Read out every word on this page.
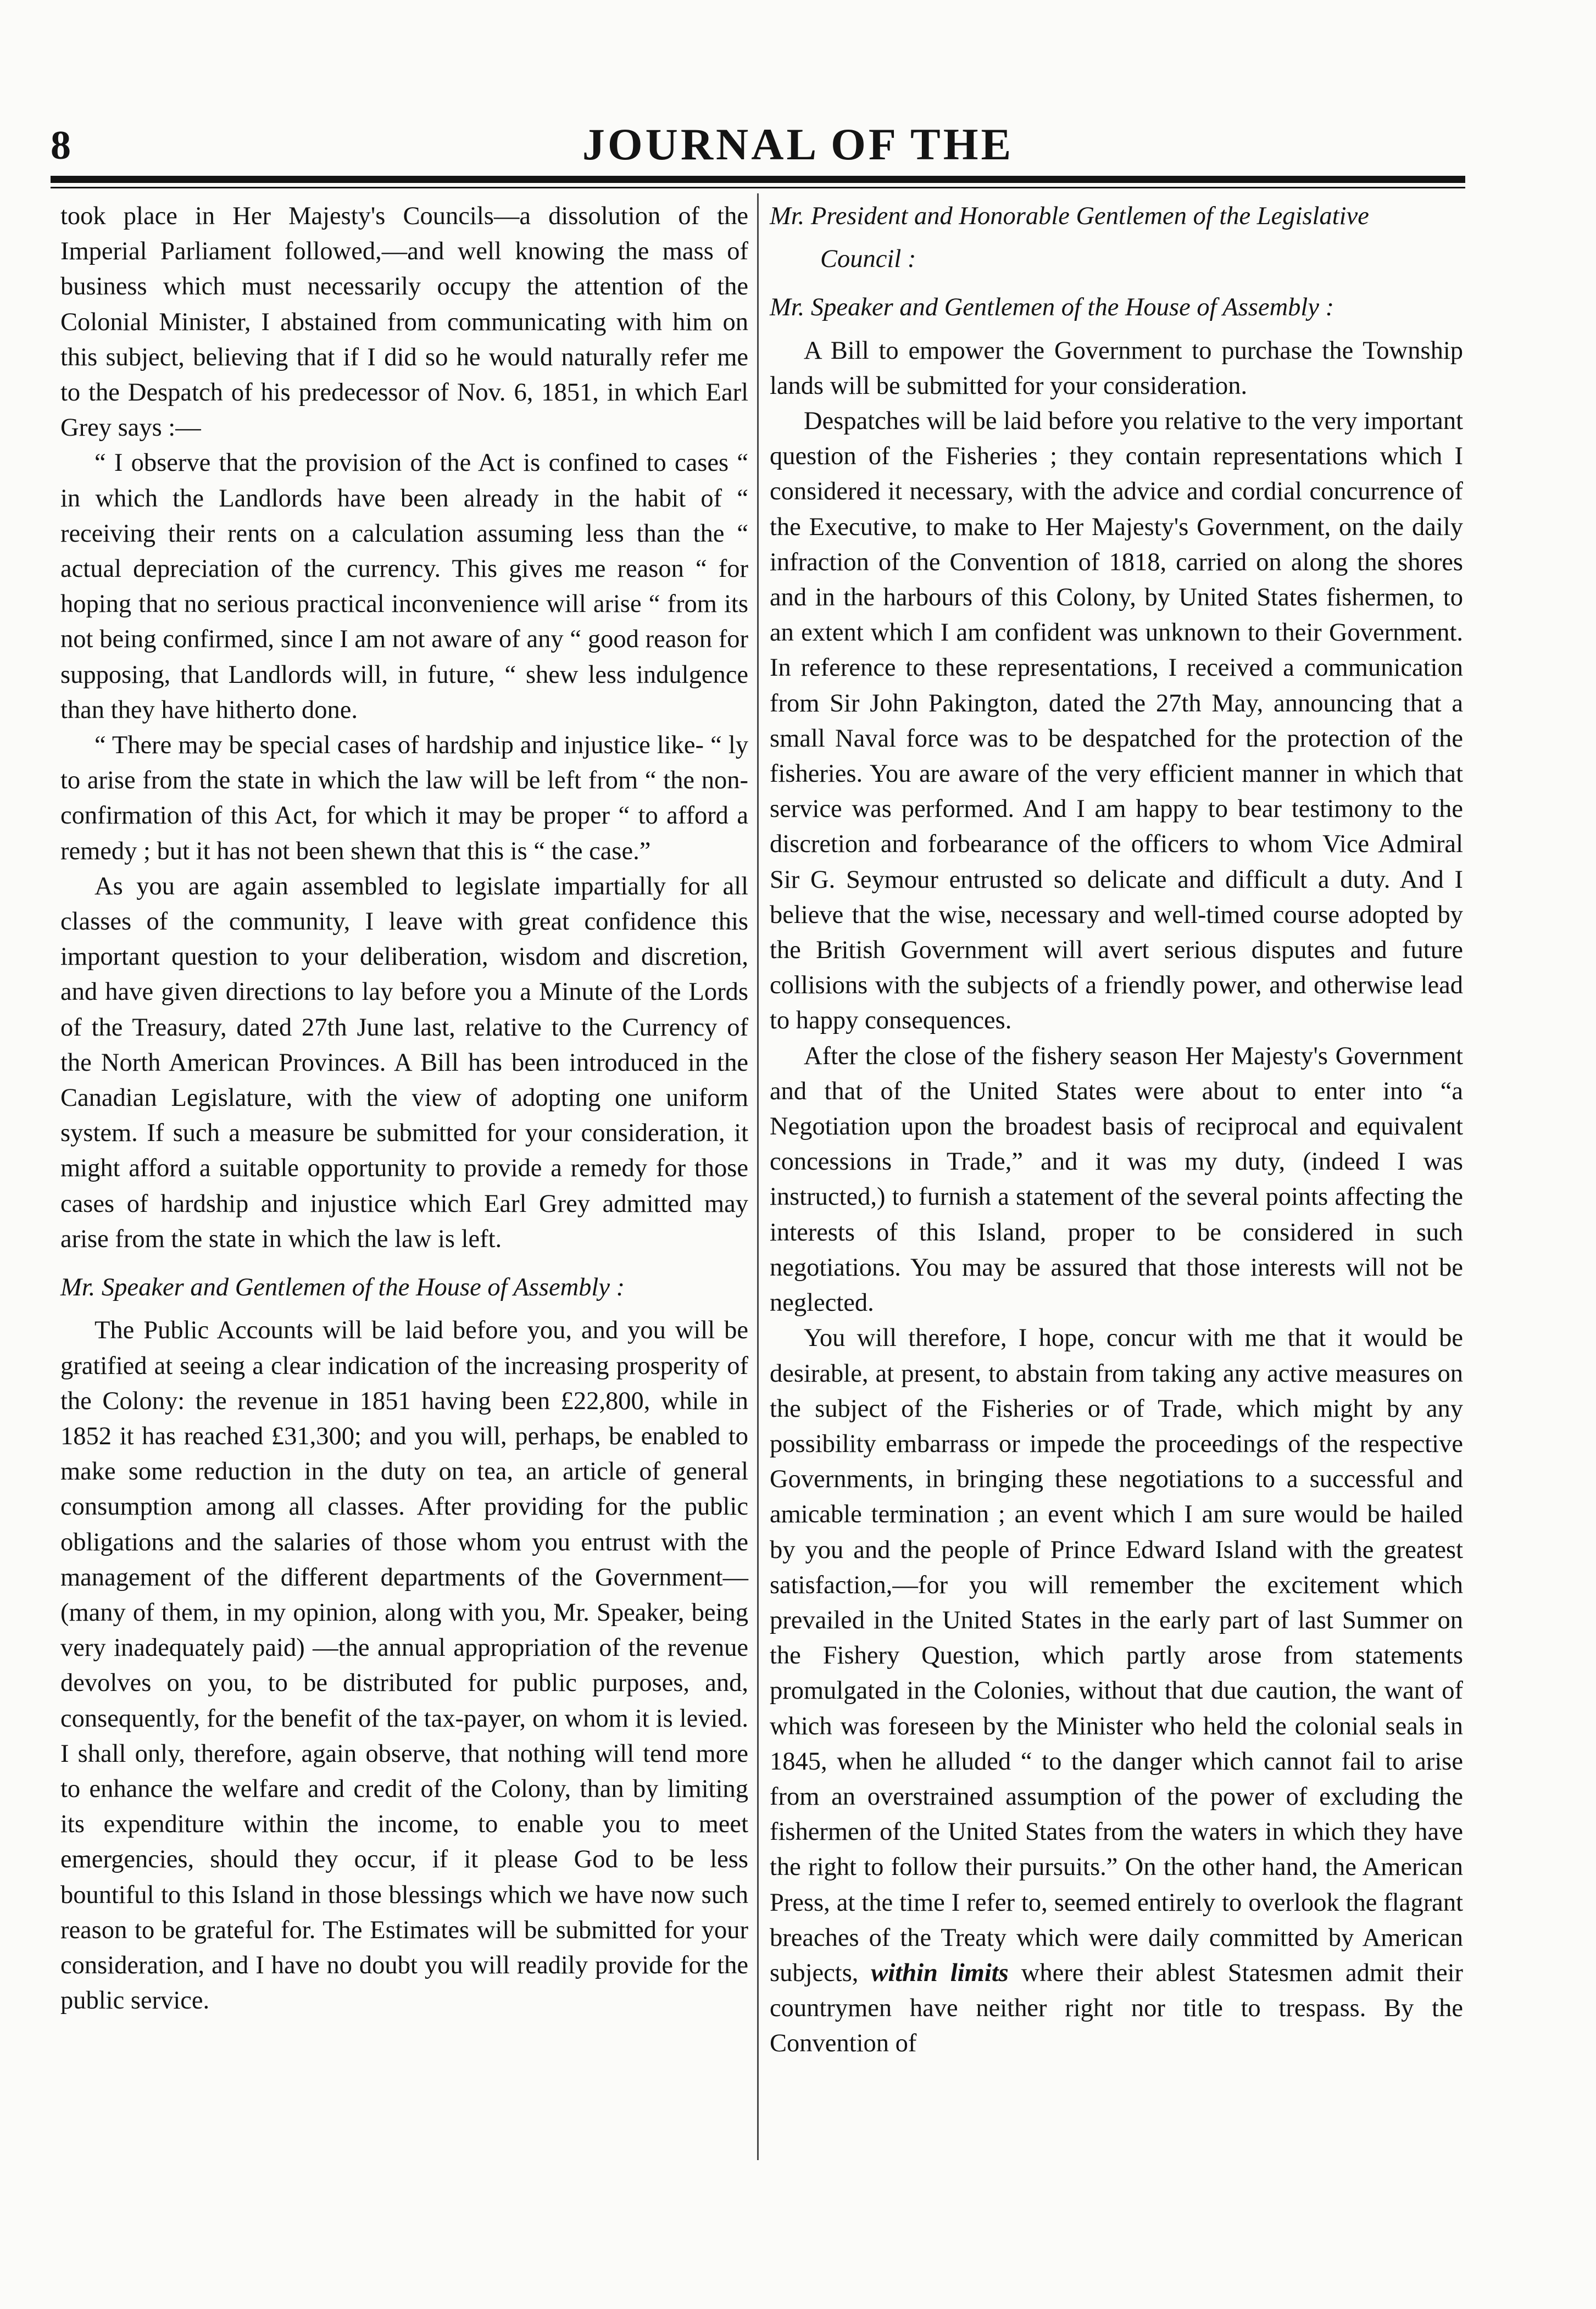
8	JOURNAL OF THE

took place in Her Majesty's Councils—a dissolution of the Imperial Parliament followed,—and well knowing the mass of business which must necessarily occupy the attention of the Colonial Minister, I abstained from communicating with him on this subject, believing that if I did so he would naturally refer me to the Despatch of his predecessor of Nov. 6, 1851, in which Earl Grey says :—

“ I observe that the provision of the Act is confined to cases “ in which the Landlords have been already in the habit of “ receiving their rents on a calculation assuming less than the “ actual depreciation of the currency. This gives me reason “ for hoping that no serious practical inconvenience will arise “ from its not being confirmed, since I am not aware of any “ good reason for supposing, that Landlords will, in future, “ shew less indulgence than they have hitherto done.

“ There may be special cases of hardship and injustice like- “ ly to arise from the state in which the law will be left from “ the non-confirmation of this Act, for which it may be proper “ to afford a remedy ; but it has not been shewn that this is “ the case.”

As you are again assembled to legislate impartially for all classes of the community, I leave with great confidence this important question to your deliberation, wisdom and discretion, and have given directions to lay before you a Minute of the Lords of the Treasury, dated 27th June last, relative to the Currency of the North American Provinces. A Bill has been introduced in the Canadian Legislature, with the view of adopting one uniform system. If such a measure be submitted for your consideration, it might afford a suitable opportunity to provide a remedy for those cases of hardship and injustice which Earl Grey admitted may arise from the state in which the law is left.

Mr. Speaker and Gentlemen of the House of Assembly :

The Public Accounts will be laid before you, and you will be gratified at seeing a clear indication of the increasing prosperity of the Colony: the revenue in 1851 having been £22,800, while in 1852 it has reached £31,300; and you will, perhaps, be enabled to make some reduction in the duty on tea, an article of general consumption among all classes. After providing for the public obligations and the salaries of those whom you entrust with the management of the different departments of the Government—(many of them, in my opinion, along with you, Mr. Speaker, being very inadequately paid) —the annual appropriation of the revenue devolves on you, to be distributed for public purposes, and, consequently, for the benefit of the tax-payer, on whom it is levied. I shall only, therefore, again observe, that nothing will tend more to enhance the welfare and credit of the Colony, than by limiting its expenditure within the income, to enable you to meet emergencies, should they occur, if it please God to be less bountiful to this Island in those blessings which we have now such reason to be grateful for. The Estimates will be submitted for your consideration, and I have no doubt you will readily provide for the public service.

Mr. President and Honorable Gentlemen of the Legislative

Council :

Mr. Speaker and Gentlemen of the House of Assembly :

A Bill to empower the Government to purchase the Township lands will be submitted for your consideration.

Despatches will be laid before you relative to the very important question of the Fisheries ; they contain representations which I considered it necessary, with the advice and cordial concurrence of the Executive, to make to Her Majesty's Government, on the daily infraction of the Convention of 1818, carried on along the shores and in the harbours of this Colony, by United States fishermen, to an extent which I am confident was unknown to their Government. In reference to these representations, I received a communication from Sir John Pakington, dated the 27th May, announcing that a small Naval force was to be despatched for the protection of the fisheries. You are aware of the very efficient manner in which that service was performed. And I am happy to bear testimony to the discretion and forbearance of the officers to whom Vice Admiral Sir G. Seymour entrusted so delicate and difficult a duty. And I believe that the wise, necessary and well-timed course adopted by the British Government will avert serious disputes and future collisions with the subjects of a friendly power, and otherwise lead to happy consequences.

After the close of the fishery season Her Majesty's Government and that of the United States were about to enter into “a Negotiation upon the broadest basis of reciprocal and equivalent concessions in Trade,” and it was my duty, (indeed I was instructed,) to furnish a statement of the several points affecting the interests of this Island, proper to be considered in such negotiations. You may be assured that those interests will not be neglected.

You will therefore, I hope, concur with me that it would be desirable, at present, to abstain from taking any active measures on the subject of the Fisheries or of Trade, which might by any possibility embarrass or impede the proceedings of the respective Governments, in bringing these negotiations to a successful and amicable termination ; an event which I am sure would be hailed by you and the people of Prince Edward Island with the greatest satisfaction,—for you will remember the excitement which prevailed in the United States in the early part of last Summer on the Fishery Question, which partly arose from statements promulgated in the Colonies, without that due caution, the want of which was foreseen by the Minister who held the colonial seals in 1845, when he alluded “ to the danger which cannot fail to arise from an overstrained assumption of the power of excluding the fishermen of the United States from the waters in which they have the right to follow their pursuits.” On the other hand, the American Press, at the time I refer to, seemed entirely to overlook the flagrant breaches of the Treaty which were daily committed by American subjects, within limits where their ablest Statesmen admit their countrymen have neither right nor title to trespass. By the Convention of
